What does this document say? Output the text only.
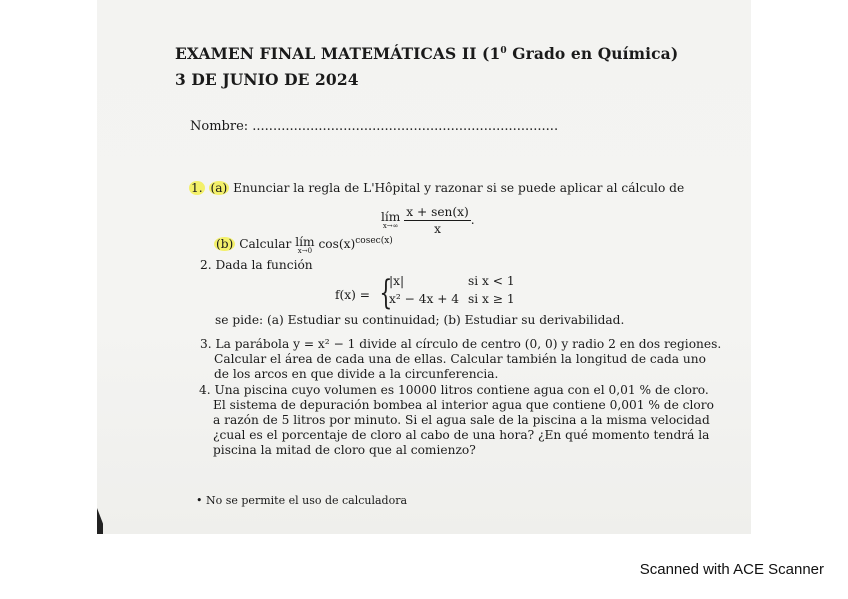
EXAMEN FINAL MATEMÁTICAS II ($1^0$ Grado en Química)
3 DE JUNIO DE 2024
Nombre: ..........................................................................
1. (a) Enunciar la regla de L'Hôpital y razonar si se puede aplicar al cálculo de
lím
x→∞
$\frac{\text{x + sen(x)}}{x}$ .
(b) Calcular lím
x→0
$\cos(x)^{cosec(x)}$
2. Dada la función
f(x) = {
|x|	si x < 1
x² − 4x + 4 si x ≥ 1
se pide: (a) Estudiar su continuidad; (b) Estudiar su derivabilidad.
3. La parábola y = x² − 1 divide al círculo de centro (0, 0) y radio 2 en dos regiones.
Calcular el área de cada una de ellas. Calcular también la longitud de cada uno
de los arcos en que divide a la circunferencia.
4. Una piscina cuyo volumen es 10000 litros contiene agua con el 0,01 % de cloro.
El sistema de depuración bombea al interior agua que contiene 0,001 % de cloro
a razón de 5 litros por minuto. Si el agua sale de la piscina a la misma velocidad
¿cual es el porcentaje de cloro al cabo de una hora? ¿En qué momento tendrá la
piscina la mitad de cloro que al comienzo?
• No se permite el uso de calculadora
Scanned with ACE Scanner
